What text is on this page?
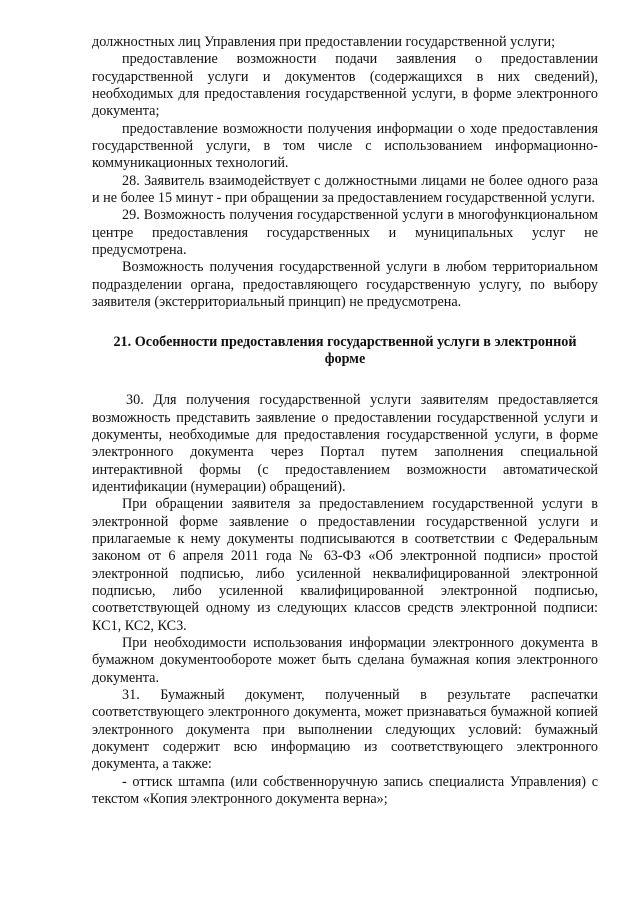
должностных лиц Управления при предоставлении государственной услуги;

предоставление возможности подачи заявления о предоставлении государственной услуги и документов (содержащихся в них сведений), необходимых для предоставления государственной услуги, в форме электронного документа;

предоставление возможности получения информации о ходе предоставления государственной услуги, в том числе с использованием информационно-коммуникационных технологий.

28. Заявитель взаимодействует с должностными лицами не более одного раза и не более 15 минут - при обращении за предоставлением государственной услуги.

29. Возможность получения государственной услуги в многофункциональном центре предоставления государственных и муниципальных услуг не предусмотрена.

Возможность получения государственной услуги в любом территориальном подразделении органа, предоставляющего государственную услугу, по выбору заявителя (экстерриториальный принцип) не предусмотрена.

21. Особенности предоставления государственной услуги в электронной форме

30. Для получения государственной услуги заявителям предоставляется возможность представить заявление о предоставлении государственной услуги и документы, необходимые для предоставления государственной услуги, в форме электронного документа через Портал путем заполнения специальной интерактивной формы (с предоставлением возможности автоматической идентификации (нумерации) обращений).

При обращении заявителя за предоставлением государственной услуги в электронной форме заявление о предоставлении государственной услуги и прилагаемые к нему документы подписываются в соответствии с Федеральным законом от 6 апреля 2011 года № 63-ФЗ «Об электронной подписи» простой электронной подписью, либо усиленной неквалифицированной электронной подписью, либо усиленной квалифицированной электронной подписью, соответствующей одному из следующих классов средств электронной подписи: КС1, КС2, КС3.

При необходимости использования информации электронного документа в бумажном документообороте может быть сделана бумажная копия электронного документа.

31. Бумажный документ, полученный в результате распечатки соответствующего электронного документа, может признаваться бумажной копией электронного документа при выполнении следующих условий: бумажный документ содержит всю информацию из соответствующего электронного документа, а также:

- оттиск штампа (или собственноручную запись специалиста Управления) с текстом «Копия электронного документа верна»;
